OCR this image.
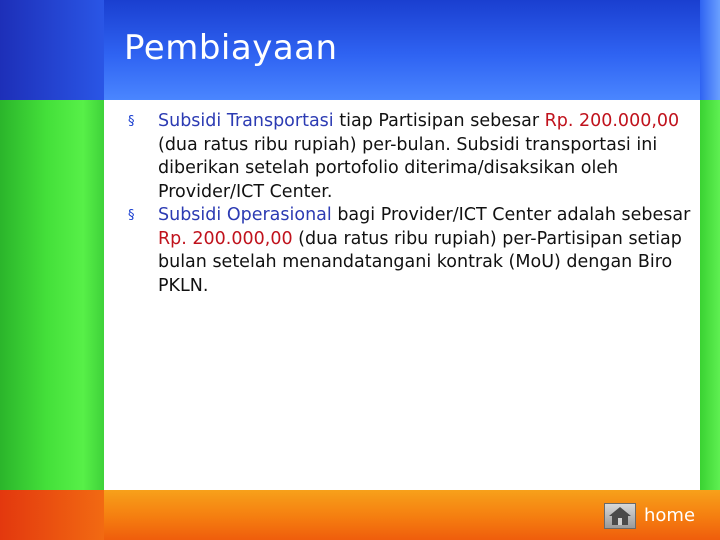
Pembiayaan
§ Subsidi Transportasi tiap Partisipan sebesar Rp. 200.000,00 (dua ratus ribu rupiah) per-bulan. Subsidi transportasi ini diberikan setelah portofolio diterima/disaksikan oleh Provider/ICT Center.
§ Subsidi Operasional bagi Provider/ICT Center adalah sebesar Rp. 200.000,00 (dua ratus ribu rupiah) per-Partisipan setiap bulan setelah menandatangani kontrak (MoU) dengan Biro PKLN.
home
